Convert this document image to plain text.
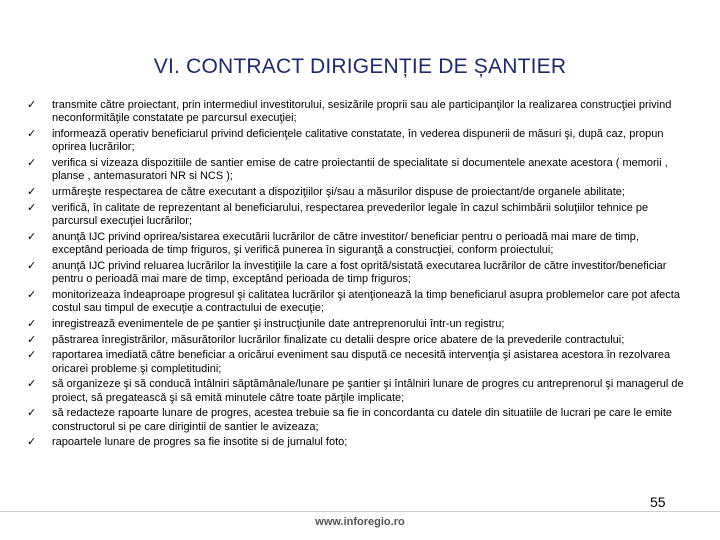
VI. CONTRACT DIRIGENȚIE DE ȘANTIER
✓ transmite către proiectant, prin intermediul investitorului, sesizările proprii sau ale participanţilor la realizarea construcţiei privind neconformităţile constatate pe parcursul execuţiei;
✓ informează operativ beneficiarul privind deficienţele calitative constatate, în vederea dispunerii de măsuri şi, după caz, propun oprirea lucrărilor;
✓ verifica si vizeaza dispozitiile de santier emise de catre proiectantii de specialitate si documentele anexate acestora ( memorii , planse , antemasuratori NR si NCS );
✓ urmăreşte respectarea de către executant a dispoziţiilor şi/sau a măsurilor dispuse de proiectant/de organele abilitate;
✓ verifică, în calitate de reprezentant al beneficiarului, respectarea prevederilor legale în cazul schimbării soluţiilor tehnice pe parcursul execuţiei lucrărilor;
✓ anunţă IJC privind oprirea/sistarea executării lucrărilor de către investitor/ beneficiar pentru o perioadă mai mare de timp, exceptând perioada de timp friguros, şi verifică punerea în siguranţă a construcţiei, conform proiectului;
✓ anunţă IJC privind reluarea lucrărilor la investiţiile la care a fost oprită/sistată executarea lucrărilor de către investitor/beneficiar pentru o perioadă mai mare de timp, exceptând perioada de timp friguros;
✓ monitorizeaza îndeaproape progresul şi calitatea lucrărilor şi atenţionează la timp beneficiarul asupra problemelor care pot afecta costul sau timpul de execuţie a contractului de execuţie;
✓ inregistrează evenimentele de pe şantier şi instrucţiunile date antreprenorului într-un registru;
✓ păstrarea înregistrărilor, măsurătorilor lucrărilor finalizate cu detalii despre orice abatere de la prevederile contractului;
✓ raportarea imediată către beneficiar a oricărui eveniment sau dispută ce necesită intervenţia şi asistarea acestora în rezolvarea oricarei probleme şi completitudini;
✓ să organizeze şi să conducă întâlniri săptămânale/lunare pe şantier şi întâlniri lunare de progres cu antreprenorul şi managerul de proiect, să pregateascǎ şi să emitǎ minutele cǎtre toate pǎrţile implicate;
✓ să redacteze rapoarte lunare de progres, acestea trebuie sa fie in concordanta cu datele din situatiile de lucrari pe care le emite constructorul si pe care dirigintii de santier le avizeaza;
✓ rapoartele lunare de progres sa fie insotite si de jurnalul foto;
55
www.inforegio.ro
